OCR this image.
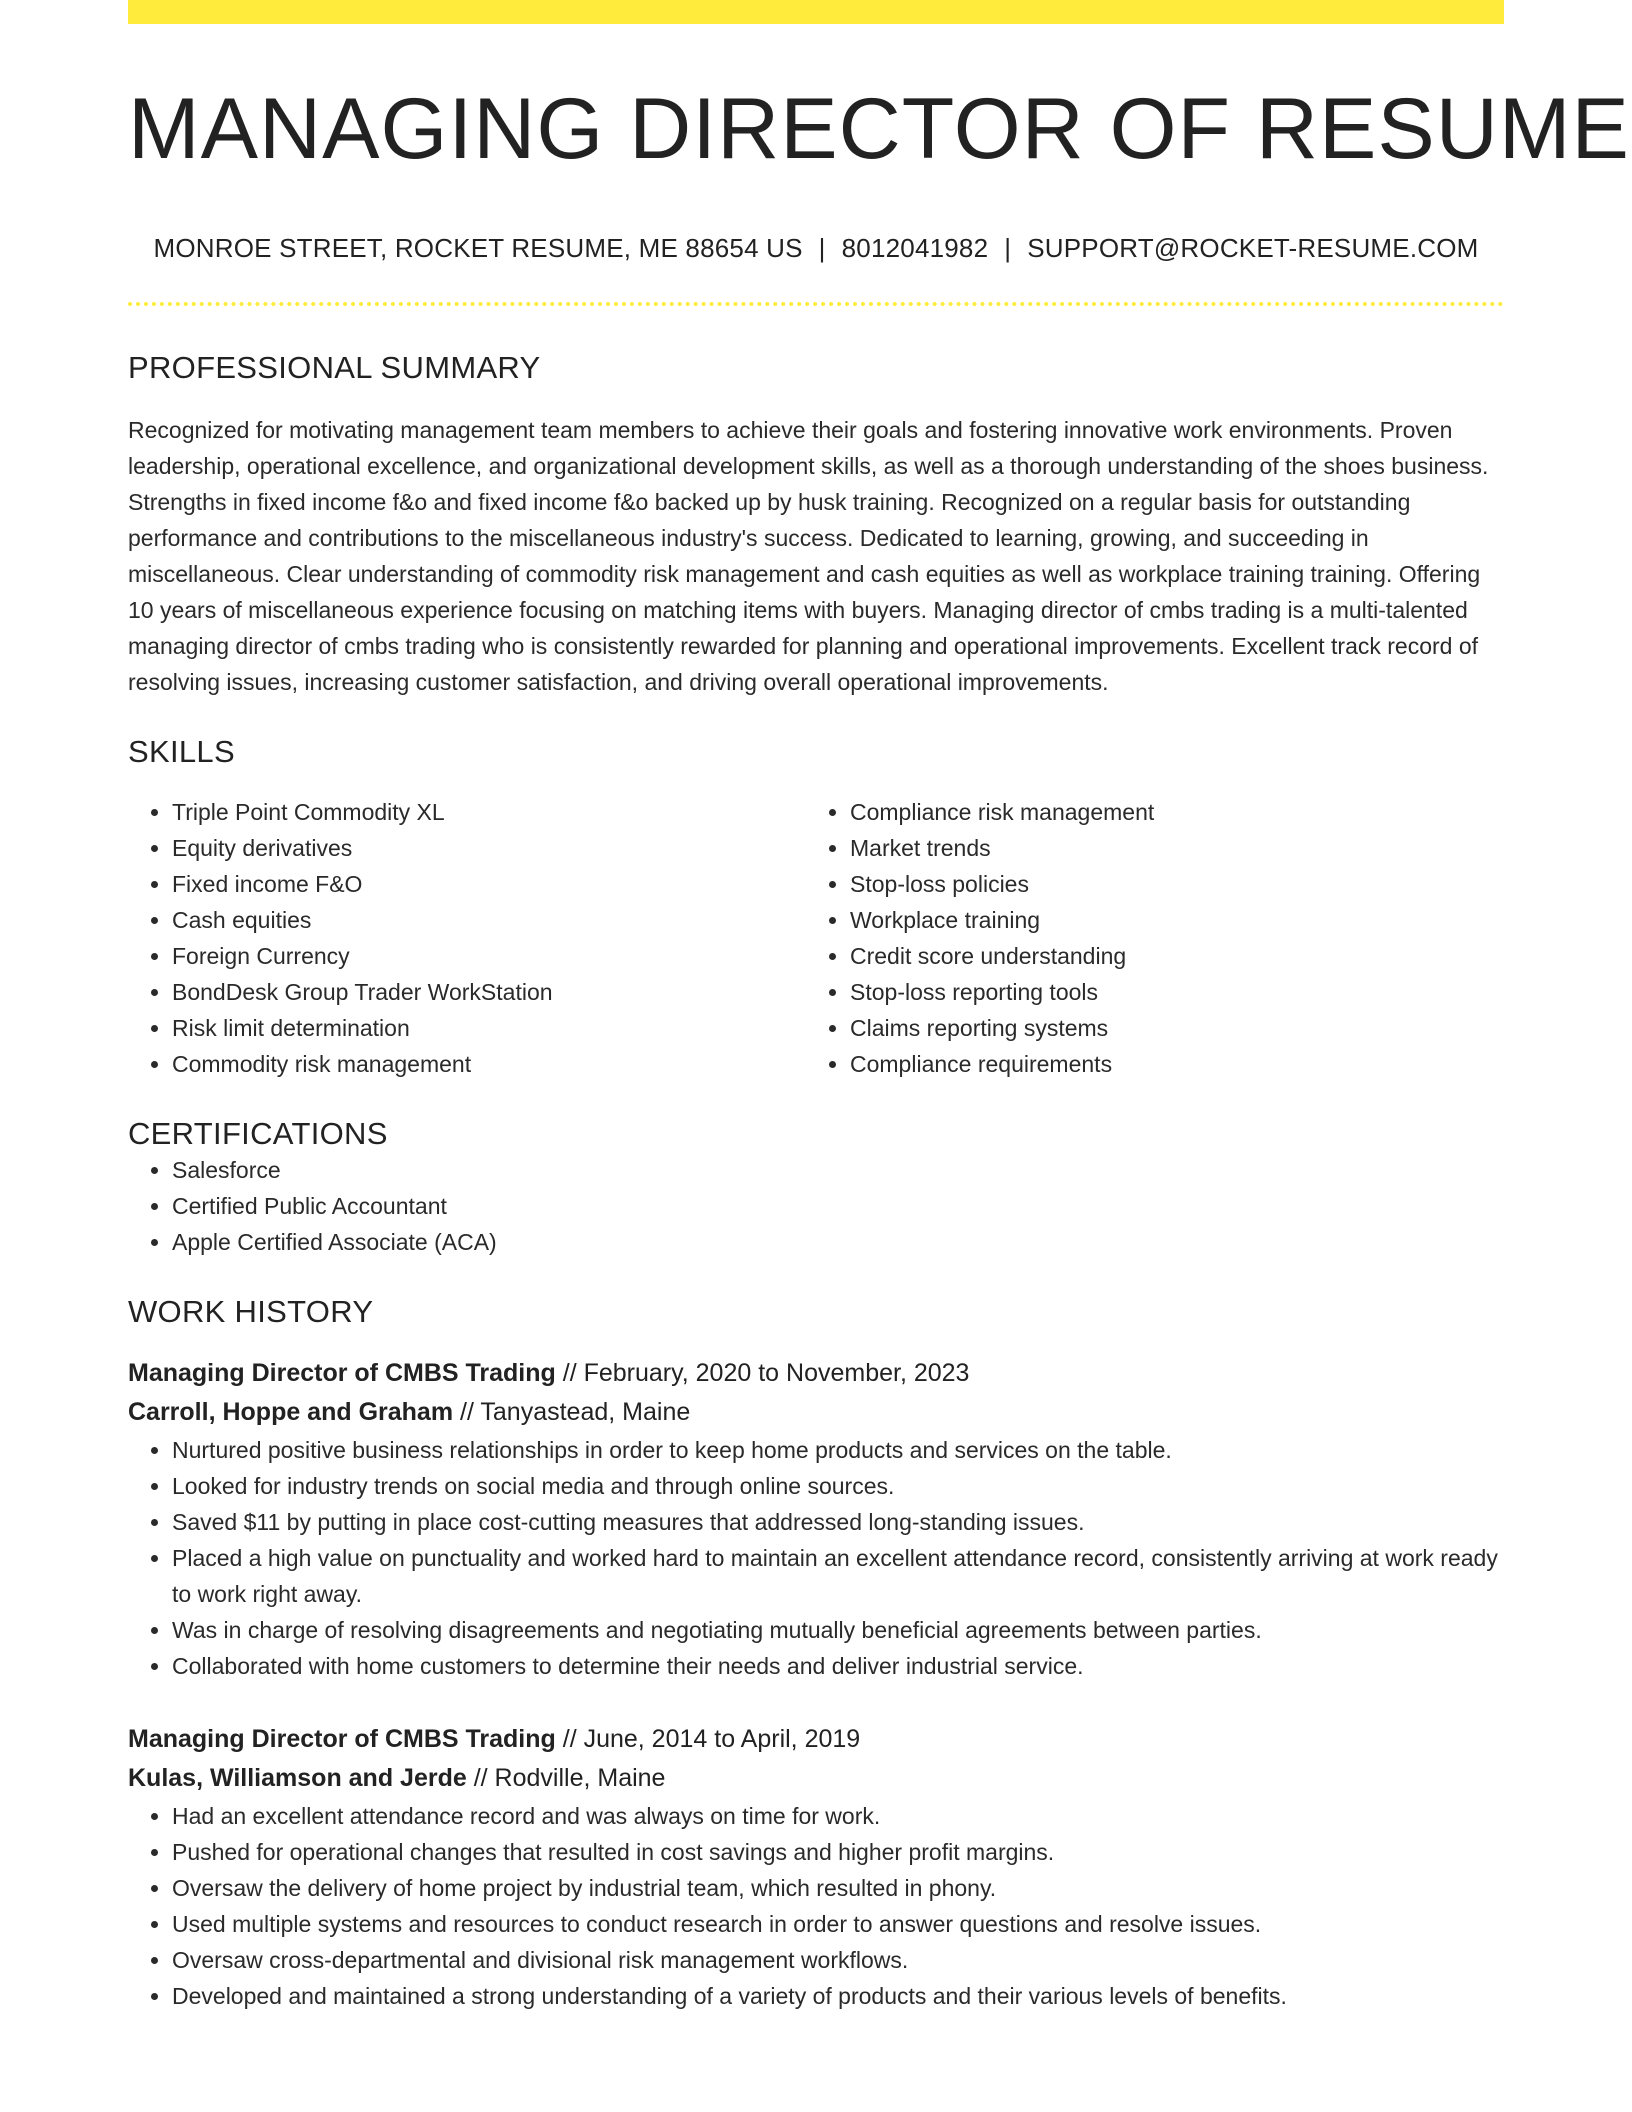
MANAGING DIRECTOR OF RESUME
MONROE STREET, ROCKET RESUME, ME 88654 US | 8012041982 | SUPPORT@ROCKET-RESUME.COM
PROFESSIONAL SUMMARY

Recognized for motivating management team members to achieve their goals and fostering innovative work environments. Proven leadership, operational excellence, and organizational development skills, as well as a thorough understanding of the shoes business. Strengths in fixed income f&o and fixed income f&o backed up by husk training. Recognized on a regular basis for outstanding performance and contributions to the miscellaneous industry's success. Dedicated to learning, growing, and succeeding in miscellaneous. Clear understanding of commodity risk management and cash equities as well as workplace training training. Offering 10 years of miscellaneous experience focusing on matching items with buyers. Managing director of cmbs trading is a multi-talented managing director of cmbs trading who is consistently rewarded for planning and operational improvements. Excellent track record of resolving issues, increasing customer satisfaction, and driving overall operational improvements.

SKILLS
• Triple Point Commodity XL
• Equity derivatives
• Fixed income F&O
• Cash equities
• Foreign Currency
• BondDesk Group Trader WorkStation
• Risk limit determination
• Commodity risk management
• Compliance risk management
• Market trends
• Stop-loss policies
• Workplace training
• Credit score understanding
• Stop-loss reporting tools
• Claims reporting systems
• Compliance requirements
CERTIFICATIONS
• Salesforce
• Certified Public Accountant
• Apple Certified Associate (ACA)
WORK HISTORY
Managing Director of CMBS Trading // February, 2020 to November, 2023
Carroll, Hoppe and Graham // Tanyastead, Maine
• Nurtured positive business relationships in order to keep home products and services on the table.
• Looked for industry trends on social media and through online sources.
• Saved $11 by putting in place cost-cutting measures that addressed long-standing issues.
• Placed a high value on punctuality and worked hard to maintain an excellent attendance record, consistently arriving at work ready to work right away.
• Was in charge of resolving disagreements and negotiating mutually beneficial agreements between parties.
• Collaborated with home customers to determine their needs and deliver industrial service.
Managing Director of CMBS Trading // June, 2014 to April, 2019
Kulas, Williamson and Jerde // Rodville, Maine
• Had an excellent attendance record and was always on time for work.
• Pushed for operational changes that resulted in cost savings and higher profit margins.
• Oversaw the delivery of home project by industrial team, which resulted in phony.
• Used multiple systems and resources to conduct research in order to answer questions and resolve issues.
• Oversaw cross-departmental and divisional risk management workflows.
• Developed and maintained a strong understanding of a variety of products and their various levels of benefits.
